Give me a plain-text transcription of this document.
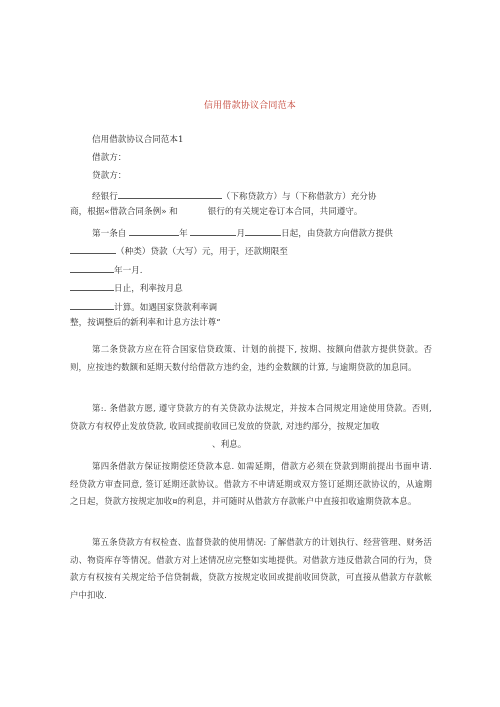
信用借款协议合同范本
信用借款协议合同范本1
借款方：
贷款方：
经银行	（下称贷款方）与（下称借款方）充分协
商，根据«借款合同条例» 和	银行的有关规定卷订本合同，共同遵守。
第一条自	年	月	日起，由贷款方向借款方提供
（种类）贷款（大写）元，用于，还款期限至
年一月.
日止，利率按月息
计算。如遇国家贷款利率调
整，按调整后的新利率和计息方法计尊“
第二条贷款方应在符合国家信贷政策、计划的前提下, 按期、按额向借款方提供贷款。否则，应按违约数额和延期天数付给借款方违约金，违约金数额的计算, 与逾期贷款的加息同。
第:. 条借款方愿, 遵守贷款方的有关贷款办法规定，并按本合同规定用途使用贷款。否则, 贷款方有权停止发放贷款, 收回或提前收回已发放的贷款, 对违约部分，按规定加收
、利息。
第四条借款方保证按期偿还贷款本息. 如需延期，借款方必须在贷款到期前提出书面申请. 经贷款方审查同意, 签订延期还款协议。借款方不申请延期或双方签订延期还款协议的，从逾期之日起，贷款方按规定加收¤的利息，并可随时从借款方存款帐户中直接扣收逾期贷款本息。
第五条贷款方有权检查、监督贷款的使用情况: 了解借款方的计划执行、经营管理、财务活动、物资库存等情况。借款方对上述情况应完整如实地提供。对借款方违反借款合同的行为，贷款方有权按有关规定给予信贷制裁，贷款方按规定收回或提前收回贷款，可直接从借款方存款帐户中扣收.
